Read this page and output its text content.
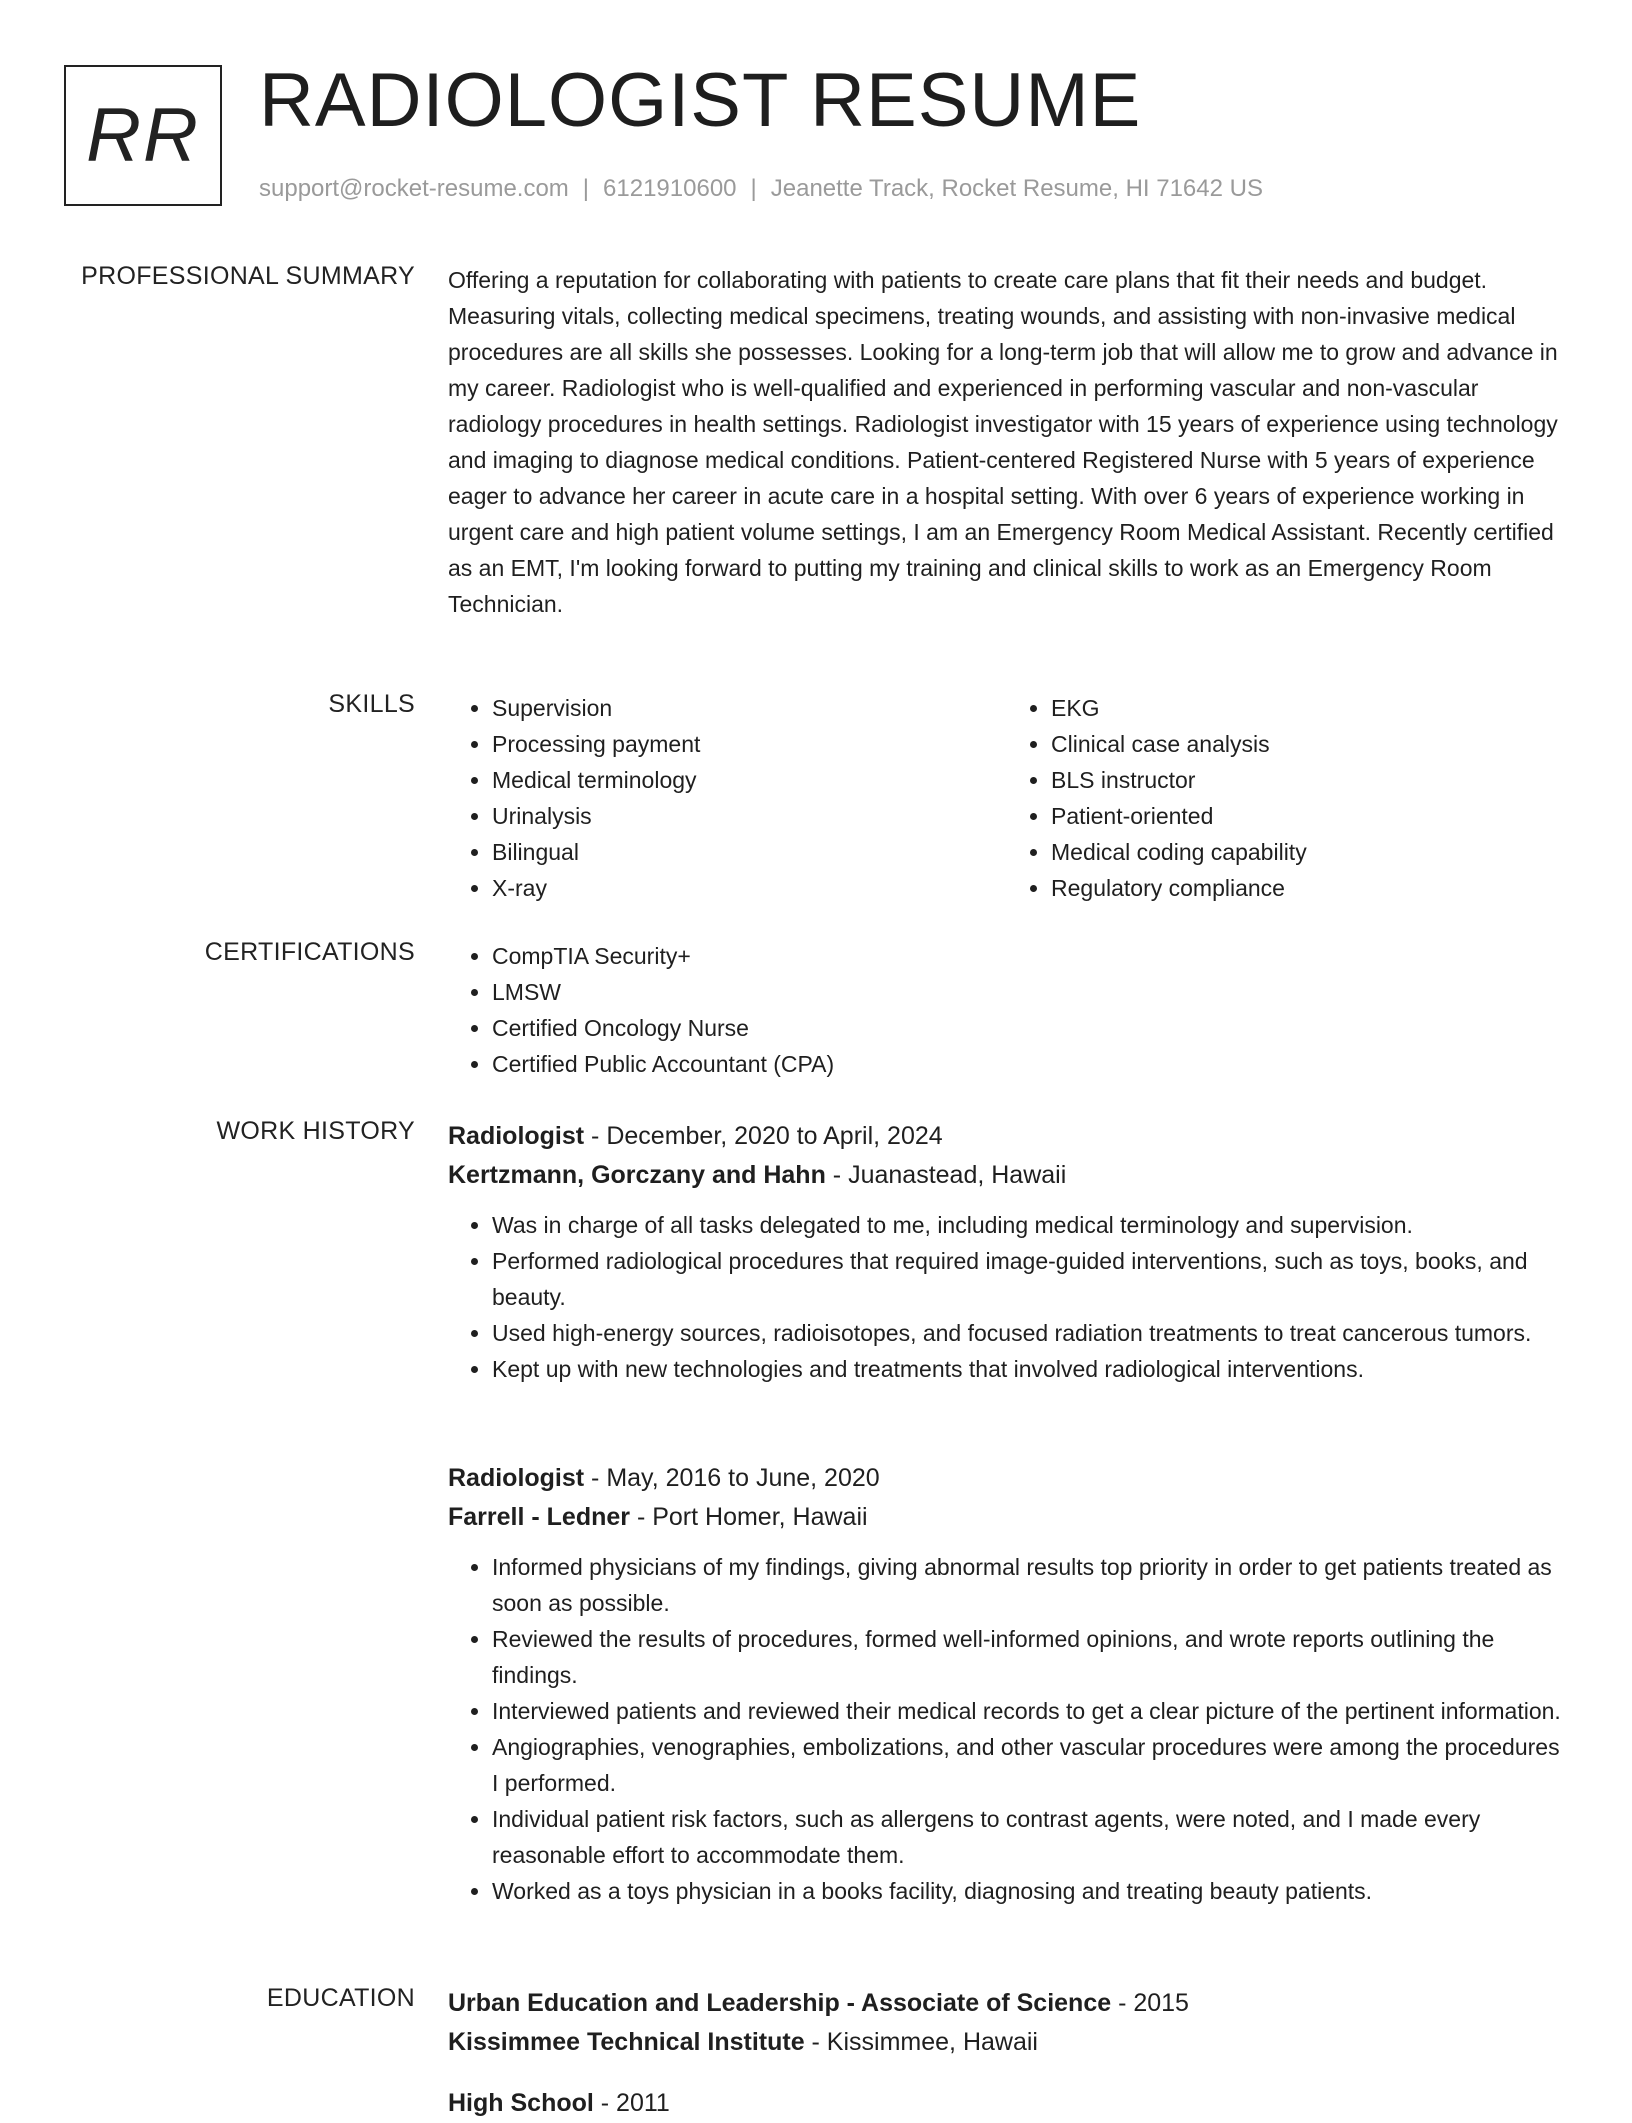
RR RADIOLOGIST RESUME
support@rocket-resume.com | 6121910600 | Jeanette Track, Rocket Resume, HI 71642 US
PROFESSIONAL SUMMARY Offering a reputation for collaborating with patients to create care plans that fit their needs and budget. Measuring vitals, collecting medical specimens, treating wounds, and assisting with non-invasive medical procedures are all skills she possesses. Looking for a long-term job that will allow me to grow and advance in my career. Radiologist who is well-qualified and experienced in performing vascular and non-vascular radiology procedures in health settings. Radiologist investigator with 15 years of experience using technology and imaging to diagnose medical conditions. Patient-centered Registered Nurse with 5 years of experience eager to advance her career in acute care in a hospital setting. With over 6 years of experience working in urgent care and high patient volume settings, I am an Emergency Room Medical Assistant. Recently certified as an EMT, I'm looking forward to putting my training and clinical skills to work as an Emergency Room Technician.

SKILLS	• Supervision
• Processing payment
• Medical terminology
• Urinalysis
• Bilingual
• X-ray
• EKG
• Clinical case analysis
• BLS instructor
• Patient-oriented
• Medical coding capability
• Regulatory compliance
CERTIFICATIONS	• CompTIA Security+
• LMSW
• Certified Oncology Nurse
• Certified Public Accountant (CPA)
WORK HISTORY Radiologist - December, 2020 to April, 2024
Kertzmann, Gorczany and Hahn - Juanastead, Hawaii
• Was in charge of all tasks delegated to me, including medical terminology and supervision.
• Performed radiological procedures that required image-guided interventions, such as toys, books, and beauty.
• Used high-energy sources, radioisotopes, and focused radiation treatments to treat cancerous tumors.
• Kept up with new technologies and treatments that involved radiological interventions.
Radiologist - May, 2016 to June, 2020
Farrell - Ledner - Port Homer, Hawaii
• Informed physicians of my findings, giving abnormal results top priority in order to get patients treated as soon as possible.
• Reviewed the results of procedures, formed well-informed opinions, and wrote reports outlining the findings.
• Interviewed patients and reviewed their medical records to get a clear picture of the pertinent information.
• Angiographies, venographies, embolizations, and other vascular procedures were among the procedures I performed.
• Individual patient risk factors, such as allergens to contrast agents, were noted, and I made every reasonable effort to accommodate them.
• Worked as a toys physician in a books facility, diagnosing and treating beauty patients.
EDUCATION Urban Education and Leadership - Associate of Science - 2015
Kissimmee Technical Institute - Kissimmee, Hawaii
High School - 2011
